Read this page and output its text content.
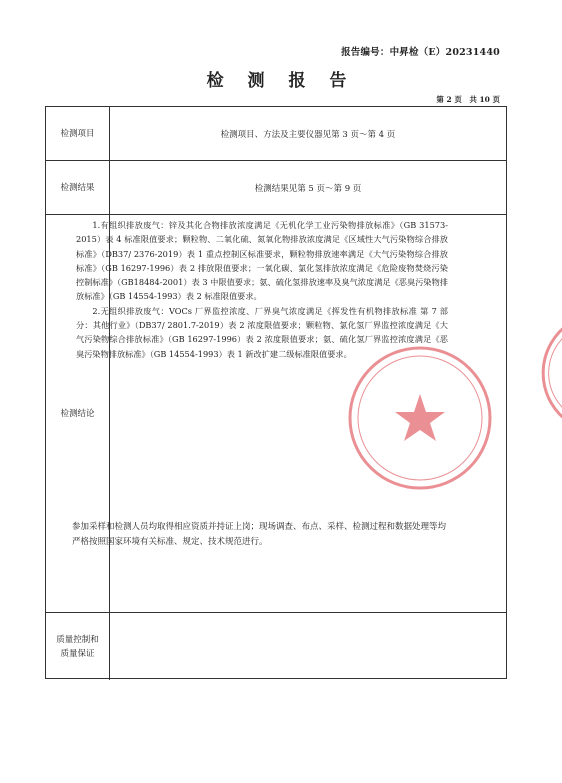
报告编号：中昇检（E）20231440
检 测 报 告
第 2 页　共 10 页
检测项目	检测项目、方法及主要仪器见第 3 页～第 4 页
检测结果	检测结果见第 5 页～第 9 页
检测结论
质量控制和质量保证

1.有组织排放废气：锌及其化合物排放浓度满足《无机化学工业污染物排放标准》（GB 31573-2015）表 4 标准限值要求；颗粒物、二氧化硫、氮氧化物排放浓度满足《区域性大气污染物综合排放标准》（DB37/ 2376-2019）表 1 重点控制区标准要求，颗粒物排放速率满足《大气污染物综合排放标准》（GB 16297-1996）表 2 排放限值要求；一氧化碳、氯化氢排放浓度满足《危险废物焚烧污染控制标准》（GB18484-2001）表 3 中限值要求；氨、硫化氢排放速率及臭气浓度满足《恶臭污染物排放标准》（GB 14554-1993）表 2 标准限值要求。

2.无组织排放废气：VOCs 厂界监控浓度、厂界臭气浓度满足《挥发性有机物排放标准 第 7 部分：其他行业》（DB37/ 2801.7-2019）表 2 浓度限值要求；颗粒物、氯化氢厂界监控浓度满足《大气污染物综合排放标准》（GB 16297-1996）表 2 浓度限值要求；氨、硫化氢厂界监控浓度满足《恶臭污染物排放标准》（GB 14554-1993）表 1 新改扩建二级标准限值要求。

参加采样和检测人员均取得相应资质并持证上岗；现场调查、布点、采样、检测过程和数据处理等均严格按照国家环境有关标准、规定、技术规范进行。
